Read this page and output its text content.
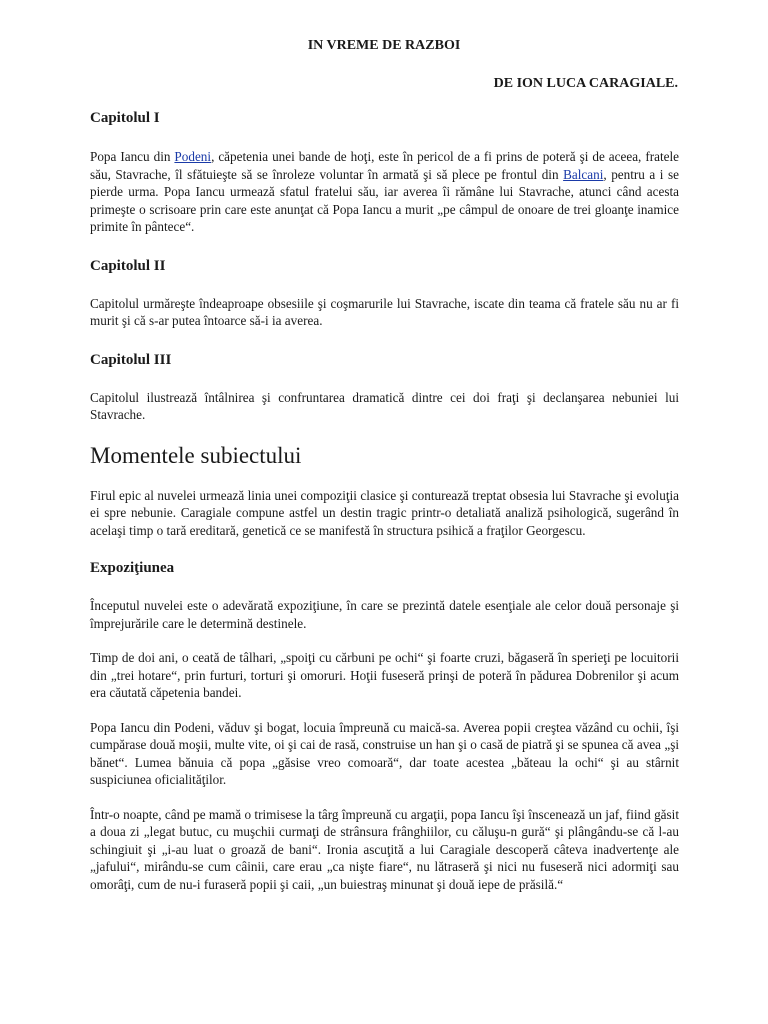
IN VREME DE RAZBOI

DE ION LUCA CARAGIALE.

Capitolul I

Popa Iancu din Podeni, căpetenia unei bande de hoţi, este în pericol de a fi prins de poteră şi de aceea, fratele său, Stavrache, îl sfătuieşte să se înroleze voluntar în armată şi să plece pe frontul din Balcani, pentru a i se pierde urma. Popa Iancu urmează sfatul fratelui său, iar averea îi rămâne lui Stavrache, atunci când acesta primeşte o scrisoare prin care este anunţat că Popa Iancu a murit „pe câmpul de onoare de trei gloanţe inamice primite în pântece“.

Capitolul II

Capitolul urmăreşte îndeaproape obsesiile şi coşmarurile lui Stavrache, iscate din teama că fratele său nu ar fi murit şi că s-ar putea întoarce să-i ia averea.

Capitolul III

Capitolul ilustrează întâlnirea şi confruntarea dramatică dintre cei doi fraţi şi declanşarea nebuniei lui Stavrache.

Momentele subiectului

Firul epic al nuvelei urmează linia unei compoziţii clasice şi conturează treptat obsesia lui Stavrache şi evoluţia ei spre nebunie. Caragiale compune astfel un destin tragic printr-o detaliată analiză psihologică, sugerând în acelaşi timp o tară ereditară, genetică ce se manifestă în structura psihică a fraţilor Georgescu.

Expoziţiunea

Începutul nuvelei este o adevărată expoziţiune, în care se prezintă datele esenţiale ale celor două personaje şi împrejurările care le determină destinele.

Timp de doi ani, o ceată de tâlhari, „spoiţi cu cărbuni pe ochi“ şi foarte cruzi, băgaseră în sperieţi pe locuitorii din „trei hotare“, prin furturi, torturi şi omoruri. Hoţii fuseseră prinşi de poteră în pădurea Dobrenilor şi acum era căutată căpetenia bandei.

Popa Iancu din Podeni, văduv şi bogat, locuia împreună cu maică-sa. Averea popii creştea văzând cu ochii, îşi cumpărase două moşii, multe vite, oi şi cai de rasă, construise un han şi o casă de piatră şi se spunea că avea „şi bănet“. Lumea bănuia că popa „găsise vreo comoară“, dar toate acestea „băteau la ochi“ şi au stârnit suspiciunea oficialităţilor.

Într-o noapte, când pe mamă o trimisese la târg împreună cu argaţii, popa Iancu îşi înscenează un jaf, fiind găsit a doua zi „legat butuc, cu muşchii curmaţi de strânsura frânghiilor, cu căluşu-n gură“ şi plângându-se că l-au schingiuit şi „i-au luat o groază de bani“. Ironia ascuţită a lui Caragiale descoperă câteva inadvertenţe ale „jafului“, mirându-se cum câinii, care erau „ca nişte fiare“, nu lătraseră şi nici nu fuseseră nici adormiţi sau omorâţi, cum de nu-i furaseră popii şi caii, „un buiestraş minunat şi două iepe de prăsilă.“
